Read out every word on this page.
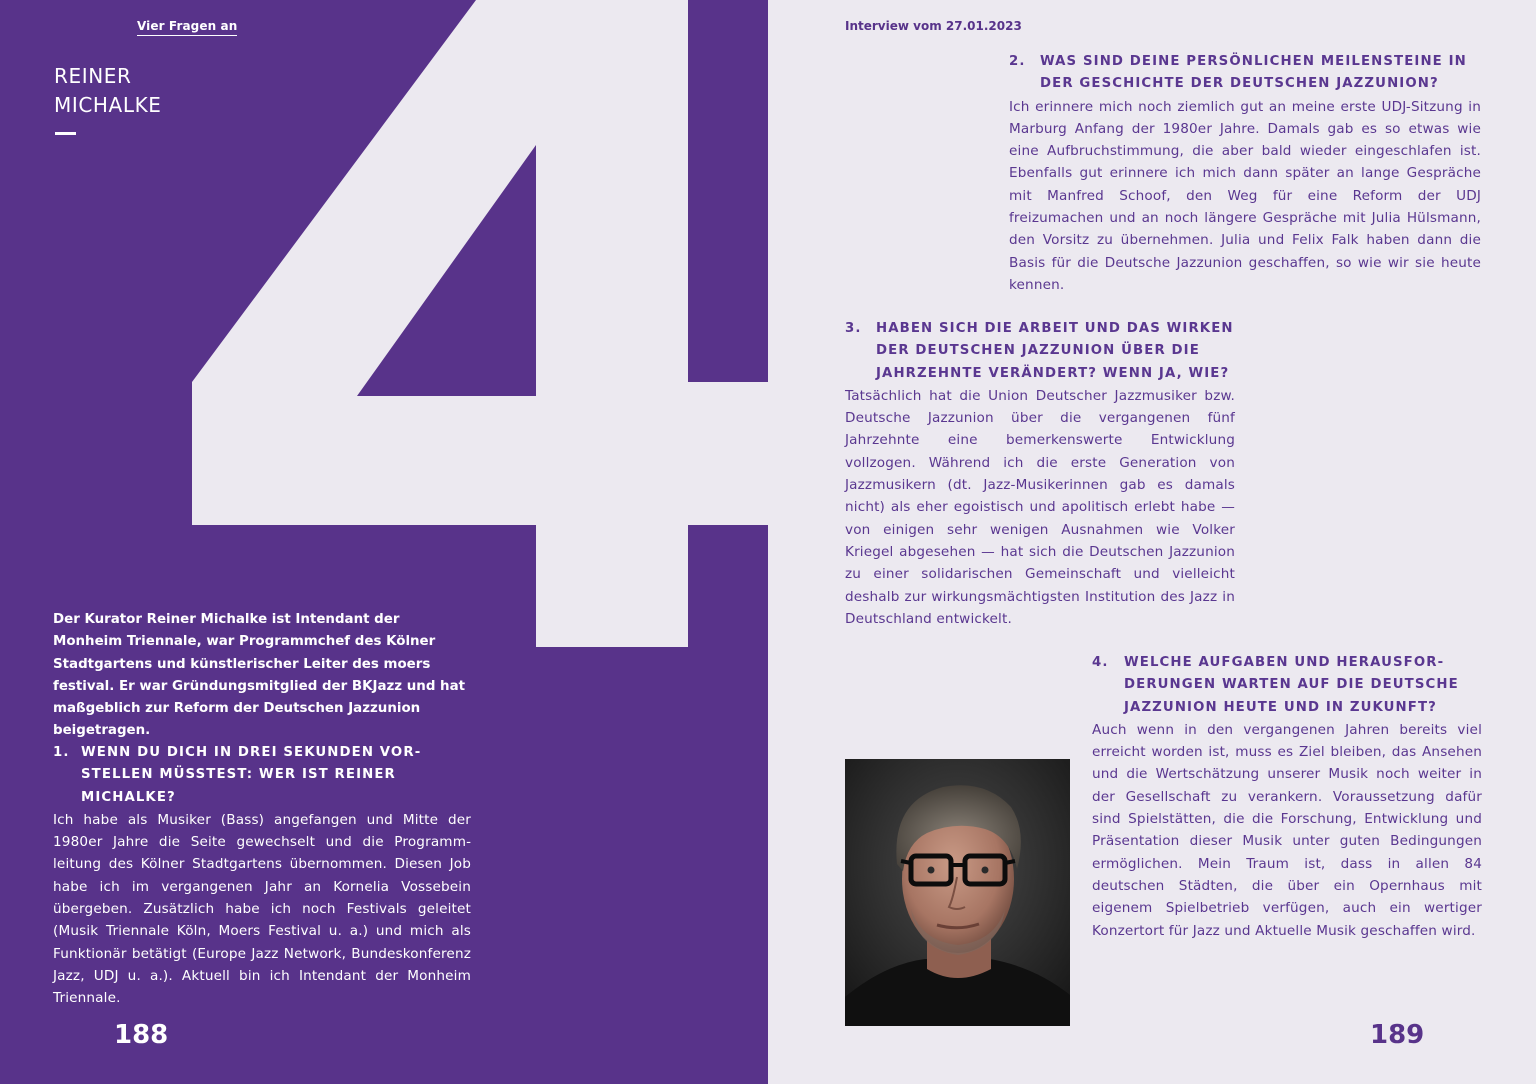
Vier Fragen an
REINER
MICHALKE

Der Kurator Reiner Michalke ist Intendant der Monheim Triennale, war Programmchef des Kölner Stadtgartens und künstlerischer Leiter des moers festival. Er war Gründungsmitglied der BKJazz und hat maßgeblich zur Reform der Deutschen Jazzunion beigetragen.

1. WENN DU DICH IN DREI SEKUNDEN VORSTELLEN MÜSSTEST: WER IST REINER MICHALKE?

Ich habe als Musiker (Bass) angefangen und Mitte der 1980er Jahre die Seite gewechselt und die Programmleitung des Kölner Stadtgartens übernommen. Diesen Job habe ich im vergangenen Jahr an Kornelia Vossebein übergeben. Zusätzlich habe ich noch Festivals geleitet (Musik Triennale Köln, Moers Festival u. a.) und mich als Funktionär betätigt (Europe Jazz Network, Bundeskonferenz Jazz, UDJ u. a.). Aktuell bin ich Intendant der Monheim Triennale.

188
Interview vom 27.01.2023
2.	WAS SIND DEINE PERSÖNLICHEN MEILENSTEINE IN DER GESCHICHTE DER DEUTSCHEN JAZZUNION?

Ich erinnere mich noch ziemlich gut an meine erste UDJ-Sitzung in Marburg Anfang der 1980er Jahre. Damals gab es so etwas wie eine Aufbruchstimmung, die aber bald wieder eingeschlafen ist. Ebenfalls gut erinnere ich mich dann später an lange Gespräche mit Manfred Schoof, den Weg für eine Reform der UDJ freizumachen und an noch längere Gespräche mit Julia Hülsmann, den Vorsitz zu übernehmen. Julia und Felix Falk haben dann die Basis für die Deutsche Jazzunion geschaffen, so wie wir sie heute kennen.

3.	HABEN SICH DIE ARBEIT UND DAS WIRKEN DER DEUTSCHEN JAZZUNION ÜBER DIE JAHRZEHNTE VERÄNDERT? WENN JA, WIE?

Tatsächlich hat die Union Deutscher Jazzmusiker bzw. Deutsche Jazzunion über die vergangenen fünf Jahrzehnte eine bemerkenswerte Entwicklung vollzogen. Während ich die erste Generation von Jazzmusikern (dt. Jazz-Musikerinnen gab es damals nicht) als eher egoistisch und apolitisch erlebt habe — von einigen sehr wenigen Ausnahmen wie Volker Kriegel abgesehen — hat sich die Deutschen Jazzunion zu einer solidarischen Gemeinschaft und vielleicht deshalb zur wirkungsmächtigsten Institution des Jazz in Deutschland entwickelt.

4.	WELCHE AUFGABEN UND HERAUSFORDERUNGEN WARTEN AUF DIE DEUTSCHE JAZZUNION HEUTE UND IN ZUKUNFT?

Auch wenn in den vergangenen Jahren bereits viel erreicht worden ist, muss es Ziel bleiben, das Ansehen und die Wertschätzung unserer Musik noch weiter in der Gesellschaft zu verankern. Voraussetzung dafür sind Spielstätten, die die Forschung, Entwicklung und Präsentation dieser Musik unter guten Bedingungen ermöglichen. Mein Traum ist, dass in allen 84 deutschen Städten, die über ein Opernhaus mit eigenem Spielbetrieb verfügen, auch ein wertiger Konzertort für Jazz und Aktuelle Musik geschaffen wird.

189
